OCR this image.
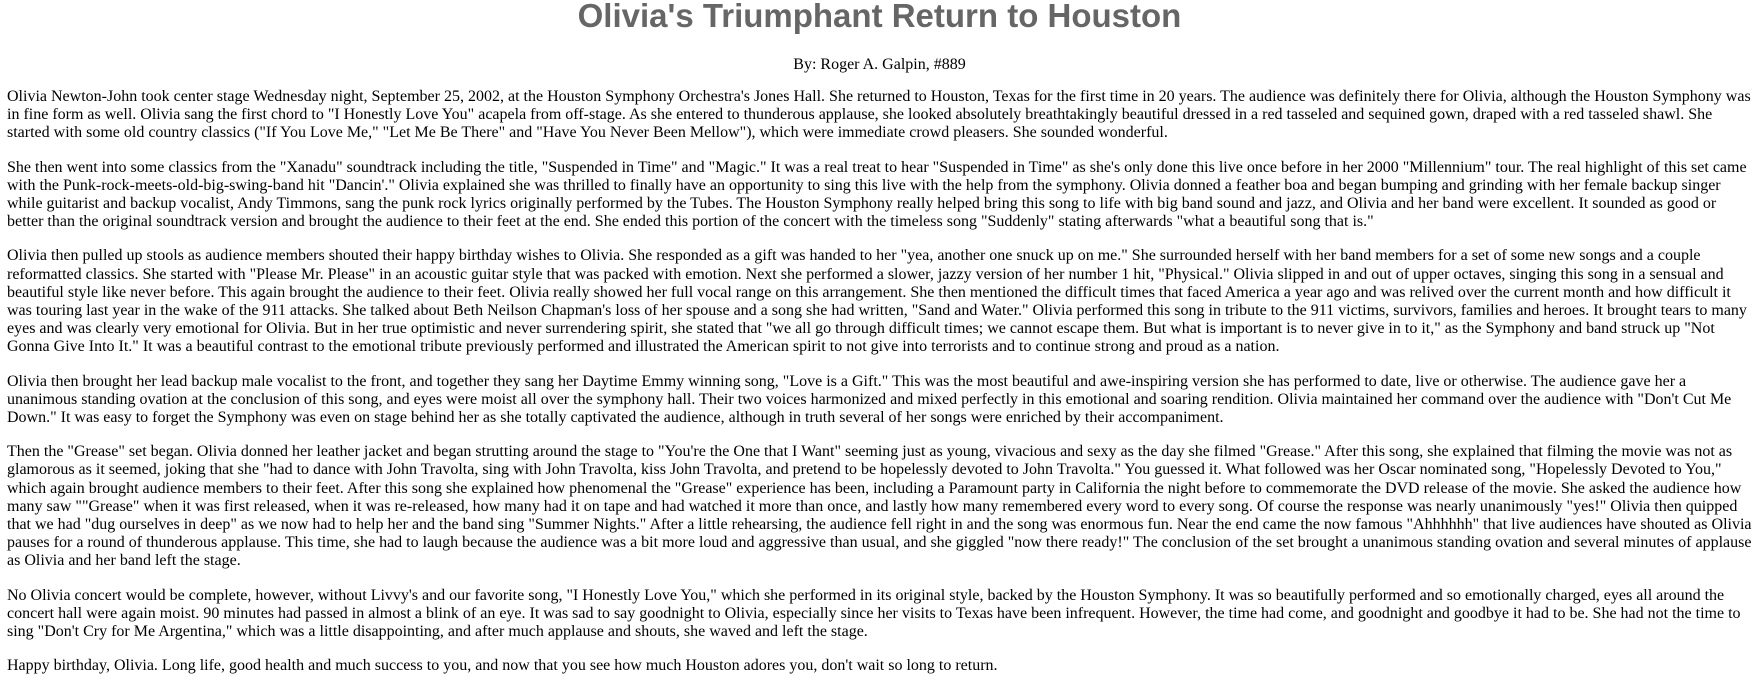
Olivia's Triumphant Return to Houston
By: Roger A. Galpin, #889

Olivia Newton-John took center stage Wednesday night, September 25, 2002, at the Houston Symphony Orchestra's Jones Hall. She returned to Houston, Texas for the first time in 20 years. The audience was definitely there for Olivia, although the Houston Symphony was in fine form as well. Olivia sang the first chord to "I Honestly Love You" acapela from off-stage. As she entered to thunderous applause, she looked absolutely breathtakingly beautiful dressed in a red tasseled and sequined gown, draped with a red tasseled shawl. She started with some old country classics ("If You Love Me," "Let Me Be There" and "Have You Never Been Mellow"), which were immediate crowd pleasers. She sounded wonderful.

She then went into some classics from the "Xanadu" soundtrack including the title, "Suspended in Time" and "Magic." It was a real treat to hear "Suspended in Time" as she's only done this live once before in her 2000 "Millennium" tour. The real highlight of this set came with the Punk-rock-meets-old-big-swing-band hit "Dancin'." Olivia explained she was thrilled to finally have an opportunity to sing this live with the help from the symphony. Olivia donned a feather boa and began bumping and grinding with her female backup singer while guitarist and backup vocalist, Andy Timmons, sang the punk rock lyrics originally performed by the Tubes. The Houston Symphony really helped bring this song to life with big band sound and jazz, and Olivia and her band were excellent. It sounded as good or better than the original soundtrack version and brought the audience to their feet at the end. She ended this portion of the concert with the timeless song "Suddenly" stating afterwards "what a beautiful song that is."

Olivia then pulled up stools as audience members shouted their happy birthday wishes to Olivia. She responded as a gift was handed to her "yea, another one snuck up on me." She surrounded herself with her band members for a set of some new songs and a couple reformatted classics. She started with "Please Mr. Please" in an acoustic guitar style that was packed with emotion. Next she performed a slower, jazzy version of her number 1 hit, "Physical." Olivia slipped in and out of upper octaves, singing this song in a sensual and beautiful style like never before. This again brought the audience to their feet. Olivia really showed her full vocal range on this arrangement. She then mentioned the difficult times that faced America a year ago and was relived over the current month and how difficult it was touring last year in the wake of the 911 attacks. She talked about Beth Neilson Chapman's loss of her spouse and a song she had written, "Sand and Water." Olivia performed this song in tribute to the 911 victims, survivors, families and heroes. It brought tears to many eyes and was clearly very emotional for Olivia. But in her true optimistic and never surrendering spirit, she stated that "we all go through difficult times; we cannot escape them. But what is important is to never give in to it," as the Symphony and band struck up "Not Gonna Give Into It." It was a beautiful contrast to the emotional tribute previously performed and illustrated the American spirit to not give into terrorists and to continue strong and proud as a nation.

Olivia then brought her lead backup male vocalist to the front, and together they sang her Daytime Emmy winning song, "Love is a Gift." This was the most beautiful and awe-inspiring version she has performed to date, live or otherwise. The audience gave her a unanimous standing ovation at the conclusion of this song, and eyes were moist all over the symphony hall. Their two voices harmonized and mixed perfectly in this emotional and soaring rendition. Olivia maintained her command over the audience with "Don't Cut Me Down." It was easy to forget the Symphony was even on stage behind her as she totally captivated the audience, although in truth several of her songs were enriched by their accompaniment.

Then the "Grease" set began. Olivia donned her leather jacket and began strutting around the stage to "You're the One that I Want" seeming just as young, vivacious and sexy as the day she filmed "Grease." After this song, she explained that filming the movie was not as glamorous as it seemed, joking that she "had to dance with John Travolta, sing with John Travolta, kiss John Travolta, and pretend to be hopelessly devoted to John Travolta." You guessed it. What followed was her Oscar nominated song, "Hopelessly Devoted to You," which again brought audience members to their feet. After this song she explained how phenomenal the "Grease" experience has been, including a Paramount party in California the night before to commemorate the DVD release of the movie. She asked the audience how many saw ""Grease" when it was first released, when it was re-released, how many had it on tape and had watched it more than once, and lastly how many remembered every word to every song. Of course the response was nearly unanimously "yes!" Olivia then quipped that we had "dug ourselves in deep" as we now had to help her and the band sing "Summer Nights." After a little rehearsing, the audience fell right in and the song was enormous fun. Near the end came the now famous "Ahhhhhh" that live audiences have shouted as Olivia pauses for a round of thunderous applause. This time, she had to laugh because the audience was a bit more loud and aggressive than usual, and she giggled "now there ready!" The conclusion of the set brought a unanimous standing ovation and several minutes of applause as Olivia and her band left the stage.

No Olivia concert would be complete, however, without Livvy's and our favorite song, "I Honestly Love You," which she performed in its original style, backed by the Houston Symphony. It was so beautifully performed and so emotionally charged, eyes all around the concert hall were again moist. 90 minutes had passed in almost a blink of an eye. It was sad to say goodnight to Olivia, especially since her visits to Texas have been infrequent. However, the time had come, and goodnight and goodbye it had to be. She had not the time to sing "Don't Cry for Me Argentina," which was a little disappointing, and after much applause and shouts, she waved and left the stage.

Happy birthday, Olivia. Long life, good health and much success to you, and now that you see how much Houston adores you, don't wait so long to return.
